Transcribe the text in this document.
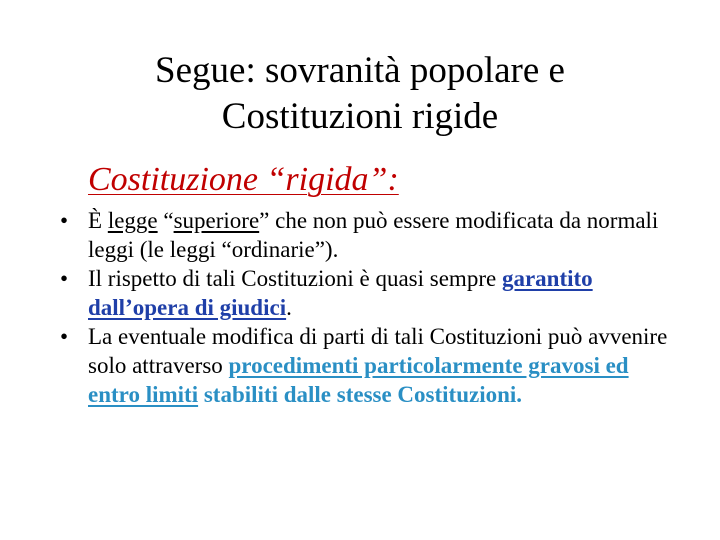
Segue: sovranità popolare e
Costituzioni rigide
Costituzione “rigida”:
• È legge “superiore” che non può essere modificata da normali leggi (le leggi “ordinarie”).
• Il rispetto di tali Costituzioni è quasi sempre garantito dall’opera di giudici.
• La eventuale modifica di parti di tali Costituzioni può avvenire solo attraverso procedimenti particolarmente gravosi ed entro limiti stabiliti dalle stesse Costituzioni.
